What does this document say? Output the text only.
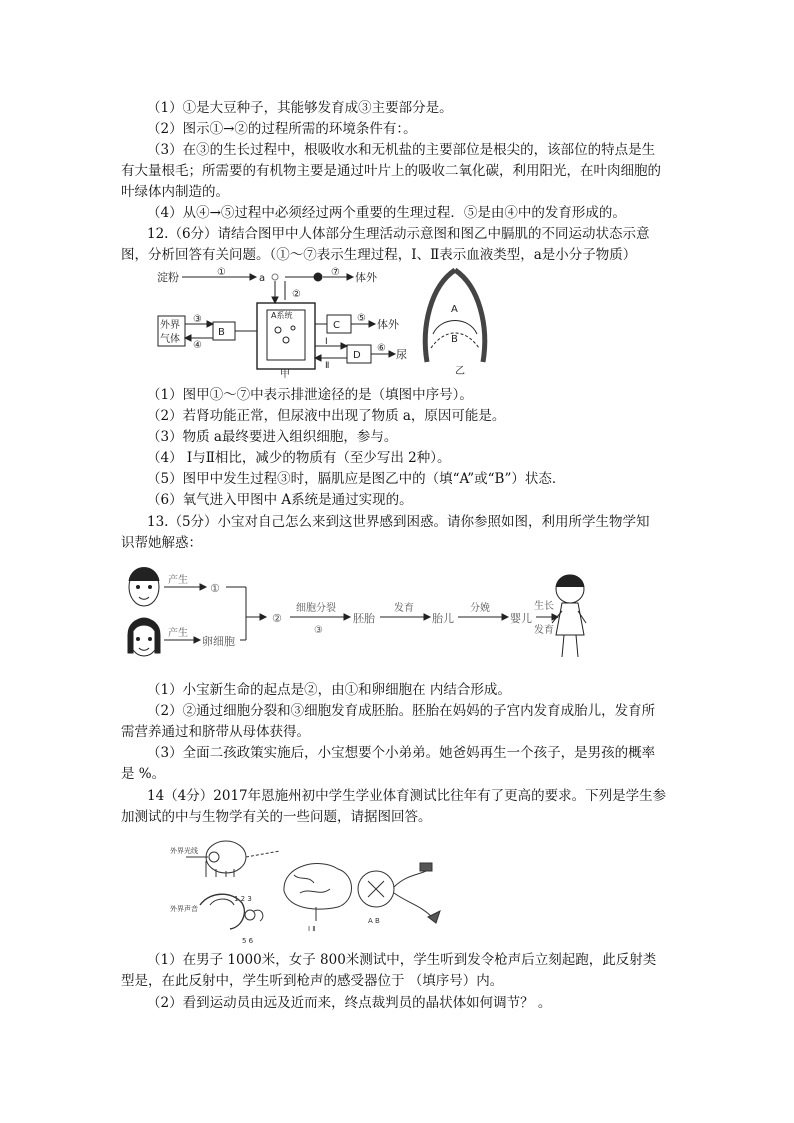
（1）①是大豆种子，其能够发育成③主要部分是。
（2）图示①→②的过程所需的环境条件有：。
（3）在③的生长过程中，根吸收水和无机盐的主要部位是根尖的，该部位的特点是生
有大量根毛；所需要的有机物主要是通过叶片上的吸收二氧化碳，利用阳光，在叶肉细胞的
叶绿体内制造的。
（4）从④→⑤过程中必须经过两个重要的生理过程．⑤是由④中的发育形成的。
12.（6分）请结合图甲中人体部分生理活动示意图和图乙中膈肌的不同运动状态示意
图，分析回答有关问题。（①～⑦表示生理过程，Ⅰ、Ⅱ表示血液类型，a是小分子物质）
淀粉	①
a
⑦ 体外
②
A系统
甲
外界
气体
③
④
B
C
⑤ 体外
Ⅰ
Ⅱ
D
⑥ 尿
A
B
乙
（1）图甲①～⑦中表示排泄途径的是（填图中序号）。
（2）若肾功能正常，但尿液中出现了物质 a，原因可能是。
（3）物质 a最终要进入组织细胞，参与。
（4） Ⅰ与Ⅱ相比，减少的物质有（至少写出 2种）。
（5）图甲中发生过程③时，膈肌应是图乙中的（填“A”或“B”）状态．
（6）氧气进入甲图中 A系统是通过实现的。
13.（5分）小宝对自己怎么来到这世界感到困惑。请你参照如图，利用所学生物学知
识帮她解惑：
产生
①
产生
卵细胞
②
细胞分裂
③
胚胎
发育
胎儿
分娩
婴儿
生长
发育
（1）小宝新生命的起点是②，由①和卵细胞在 内结合形成。
（2）②通过细胞分裂和③细胞发育成胚胎。胚胎在妈妈的子宫内发育成胎儿，发育所
需营养通过和脐带从母体获得。
（3）全面二孩政策实施后，小宝想要个小弟弟。她爸妈再生一个孩子，是男孩的概率
是 %。
14（4分）2017年恩施州初中学生学业体育测试比往年有了更高的要求。下列是学生参
加测试的中与生物学有关的一些问题，请据图回答。
外界光线
外界声音
1 2 3
5 6
Ⅰ Ⅱ
A B
（1）在男子 1000米，女子 800米测试中，学生听到发令枪声后立刻起跑，此反射类
型是，在此反射中，学生听到枪声的感受器位于 （填序号）内。
（2）看到运动员由远及近而来，终点裁判员的晶状体如何调节？ 。
